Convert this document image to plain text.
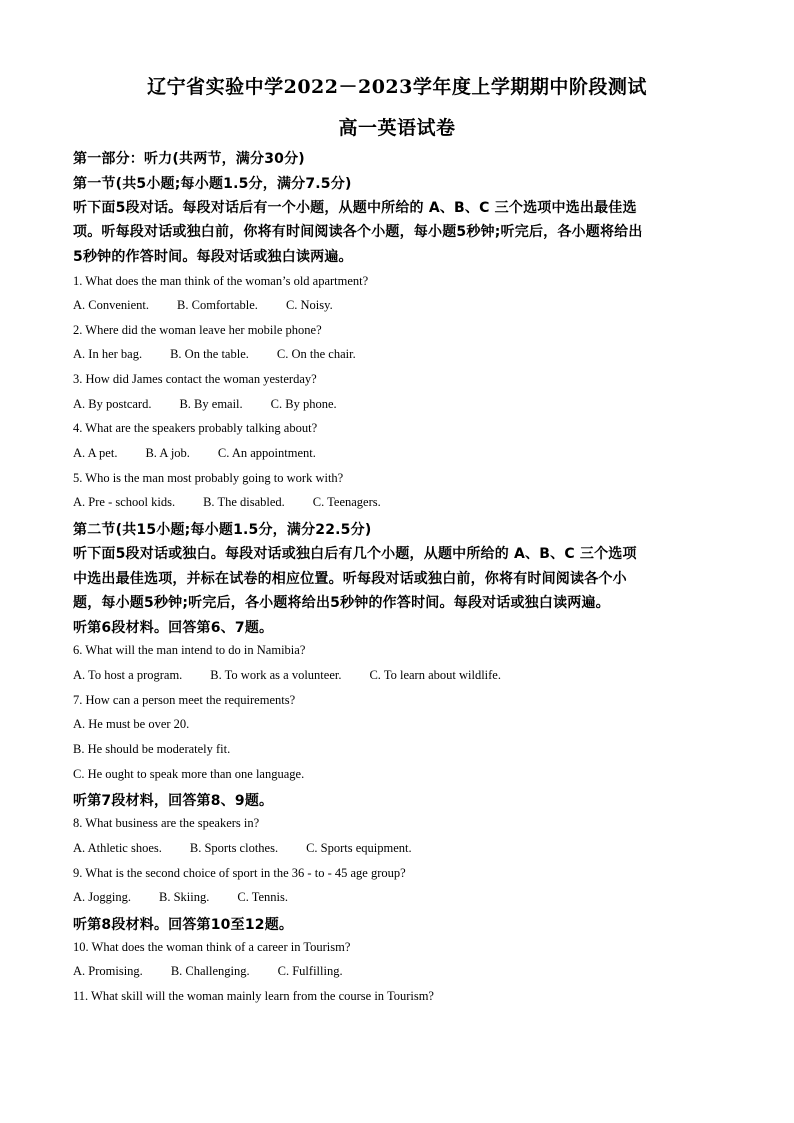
辽宁省实验中学2022－2023学年度上学期期中阶段测试
高一英语试卷
第一部分：听力(共两节，满分30分)
第一节(共5小题;每小题1.5分，满分7.5分)
听下面5段对话。每段对话后有一个小题，从题中所给的 A、B、C 三个选项中选出最佳选
项。听每段对话或独白前，你将有时间阅读各个小题，每小题5秒钟;听完后，各小题将给出
5秒钟的作答时间。每段对话或独白读两遍。
1. What does the man think of the woman’s old apartment?
A. Convenient. B. Comfortable. C. Noisy.
2. Where did the woman leave her mobile phone?
A. In her bag. B. On the table. C. On the chair.
3. How did James contact the woman yesterday?
A. By postcard. B. By email. C. By phone.
4. What are the speakers probably talking about?
A. A pet. B. A job. C. An appointment.
5. Who is the man most probably going to work with?
A. Pre - school kids. B. The disabled. C. Teenagers.
第二节(共15小题;每小题1.5分，满分22.5分)
听下面5段对话或独白。每段对话或独白后有几个小题，从题中所给的 A、B、C 三个选项
中选出最佳选项，并标在试卷的相应位置。听每段对话或独白前，你将有时间阅读各个小
题，每小题5秒钟;听完后，各小题将给出5秒钟的作答时间。每段对话或独白读两遍。
听第6段材料。回答第6、7题。
6. What will the man intend to do in Namibia?
A. To host a program. B. To work as a volunteer. C. To learn about wildlife.
7. How can a person meet the requirements?
A. He must be over 20.
B. He should be moderately fit.
C. He ought to speak more than one language.
听第7段材料，回答第8、9题。
8. What business are the speakers in?
A. Athletic shoes. B. Sports clothes. C. Sports equipment.
9. What is the second choice of sport in the 36 - to - 45 age group?
A. Jogging. B. Skiing. C. Tennis.
听第8段材料。回答第10至12题。
10. What does the woman think of a career in Tourism?
A. Promising. B. Challenging. C. Fulfilling.
11. What skill will the woman mainly learn from the course in Tourism?
